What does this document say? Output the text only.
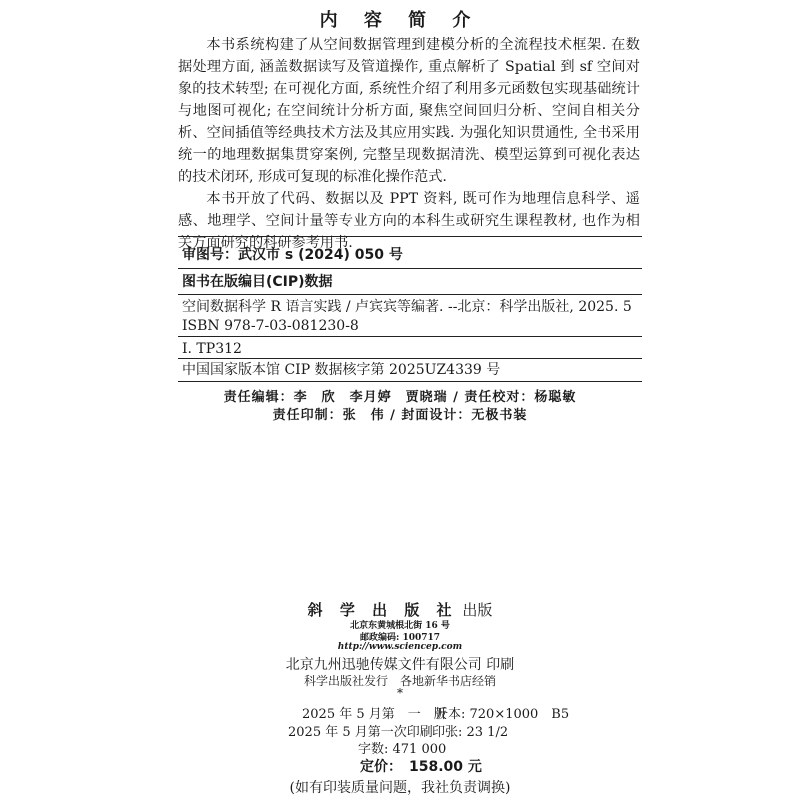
内 容 简 介

本书系统构建了从空间数据管理到建模分析的全流程技术框架. 在数据处理方面, 涵盖数据读写及管道操作, 重点解析了 Spatial 到 sf 空间对象的技术转型; 在可视化方面, 系统性介绍了利用多元函数包实现基础统计与地图可视化; 在空间统计分析方面, 聚焦空间回归分析、空间自相关分析、空间插值等经典技术方法及其应用实践. 为强化知识贯通性, 全书采用统一的地理数据集贯穿案例, 完整呈现数据清洗、模型运算到可视化表达的技术闭环, 形成可复现的标准化操作范式.

本书开放了代码、数据以及 PPT 资料, 既可作为地理信息科学、遥感、地理学、空间计量等专业方向的本科生或研究生课程教材, 也作为相关方面研究的科研参考用书.

审图号：武汉市 s (2024) 050 号
图书在版编目(CIP)数据
空间数据科学 R 语言实践 / 卢宾宾等编著. --北京：科学出版社, 2025. 5
ISBN 978-7-03-081230-8
Ⅰ. TP312
中国国家版本馆 CIP 数据核字第 2025UZ4339 号
责任编辑：李　欣　李月婷　贾晓瑞 / 责任校对：杨聪敏
责任印制：张　伟 / 封面设计：无极书装
斜 学 出 版 社 出版
北京东黄城根北街 16 号
邮政编码: 100717
http://www.sciencep.com
北京九州迅驰传媒文件有限公司 印刷
科学出版社发行　各地新华书店经销
*
2025 年 5 月第　一　版
开本: 720×1000　B5
2025 年 5 月第一次印刷 印张: 23 1/2
字数: 471 000
定价：　158.00 元
(如有印装质量问题，我社负责调换)
